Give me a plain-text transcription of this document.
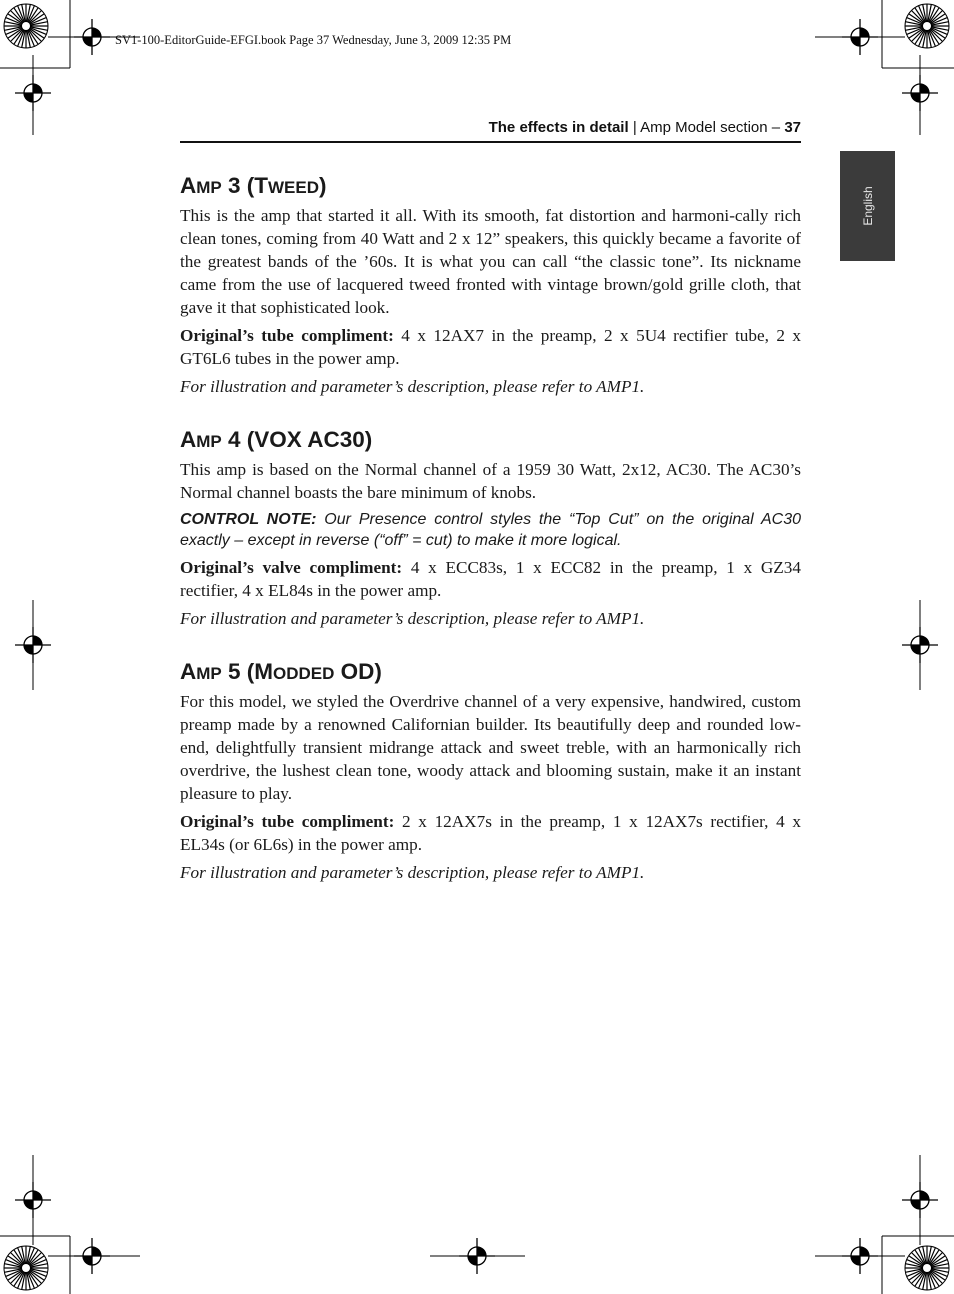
SV1-100-EditorGuide-EFGI.book Page 37 Wednesday, June 3, 2009 12:35 PM
The effects in detail | Amp Model section – 37
English
AMP 3 (TWEED)

This is the amp that started it all. With its smooth, fat distortion and harmoni-cally rich clean tones, coming from 40 Watt and 2 x 12” speakers, this quickly became a favorite of the greatest bands of the ’60s. It is what you can call “the classic tone”. Its nickname came from the use of lacquered tweed fronted with vintage brown/gold grille cloth, that gave it that sophisticated look.

Original’s tube compliment: 4 x 12AX7 in the preamp, 2 x 5U4 rectifier tube, 2 x GT6L6 tubes in the power amp.

For illustration and parameter’s description, please refer to AMP1.

AMP 4 (VOX AC30)

This amp is based on the Normal channel of a 1959 30 Watt, 2x12, AC30. The AC30’s Normal channel boasts the bare minimum of knobs.

CONTROL NOTE: Our Presence control styles the “Top Cut” on the original AC30 exactly – except in reverse (“off” = cut) to make it more logical.

Original’s valve compliment: 4 x ECC83s, 1 x ECC82 in the preamp, 1 x GZ34 rectifier, 4 x EL84s in the power amp.

For illustration and parameter’s description, please refer to AMP1.

AMP 5 (MODDED OD)

For this model, we styled the Overdrive channel of a very expensive, handwired, custom preamp made by a renowned Californian builder. Its beautifully deep and rounded low-end, delightfully transient midrange attack and sweet treble, with an harmonically rich overdrive, the lushest clean tone, woody attack and blooming sustain, make it an instant pleasure to play.

Original’s tube compliment: 2 x 12AX7s in the preamp, 1 x 12AX7s rectifier, 4 x EL34s (or 6L6s) in the power amp.

For illustration and parameter’s description, please refer to AMP1.
